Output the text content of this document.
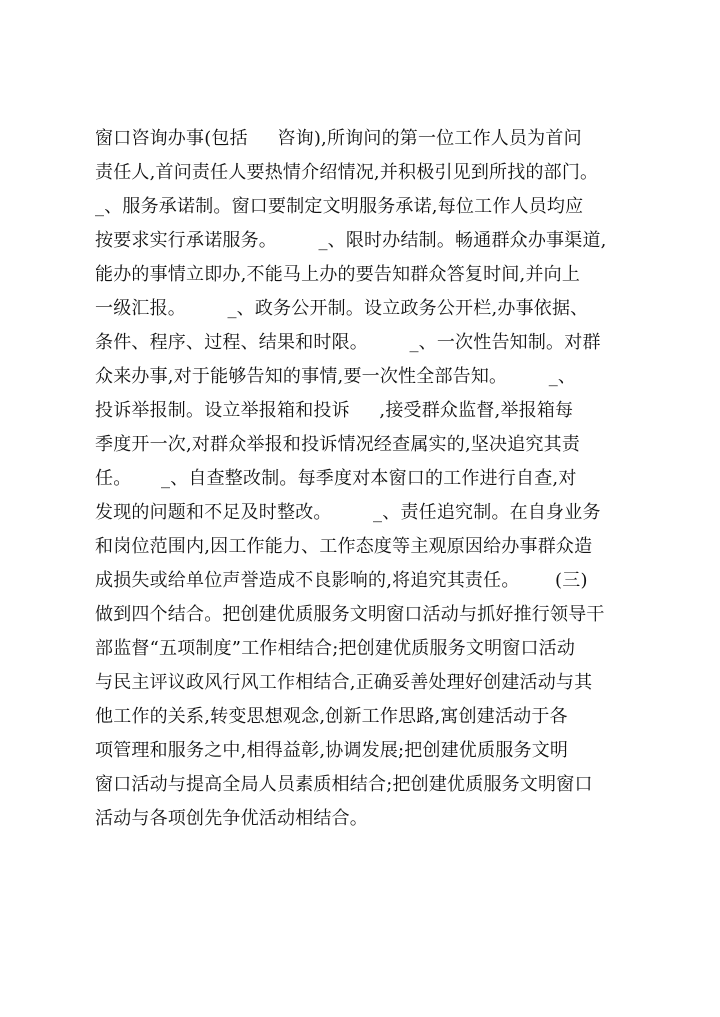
窗口咨询办事(包括     咨询),所询问的第一位工作人员为首问
责任人,首问责任人要热情介绍情况,并积极引见到所找的部门。
_、服务承诺制。窗口要制定文明服务承诺,每位工作人员均应
按要求实行承诺服务。       _、限时办结制。畅通群众办事渠道,
能办的事情立即办,不能马上办的要告知群众答复时间,并向上
一级汇报。       _、政务公开制。设立政务公开栏,办事依据、
条件、程序、过程、结果和时限。       _、一次性告知制。对群
众来办事,对于能够告知的事情,要一次性全部告知。       _、
投诉举报制。设立举报箱和投诉     ,接受群众监督,举报箱每
季度开一次,对群众举报和投诉情况经查属实的,坚决追究其责
任。     _、自查整改制。每季度对本窗口的工作进行自查,对
发现的问题和不足及时整改。       _、责任追究制。在自身业务
和岗位范围内,因工作能力、工作态度等主观原因给办事群众造
成损失或给单位声誉造成不良影响的,将追究其责任。      (三)
做到四个结合。把创建优质服务文明窗口活动与抓好推行领导干
部监督“五项制度”工作相结合;把创建优质服务文明窗口活动
与民主评议政风行风工作相结合,正确妥善处理好创建活动与其
他工作的关系,转变思想观念,创新工作思路,寓创建活动于各
项管理和服务之中,相得益彰,协调发展;把创建优质服务文明
窗口活动与提高全局人员素质相结合;把创建优质服务文明窗口
活动与各项创先争优活动相结合。
